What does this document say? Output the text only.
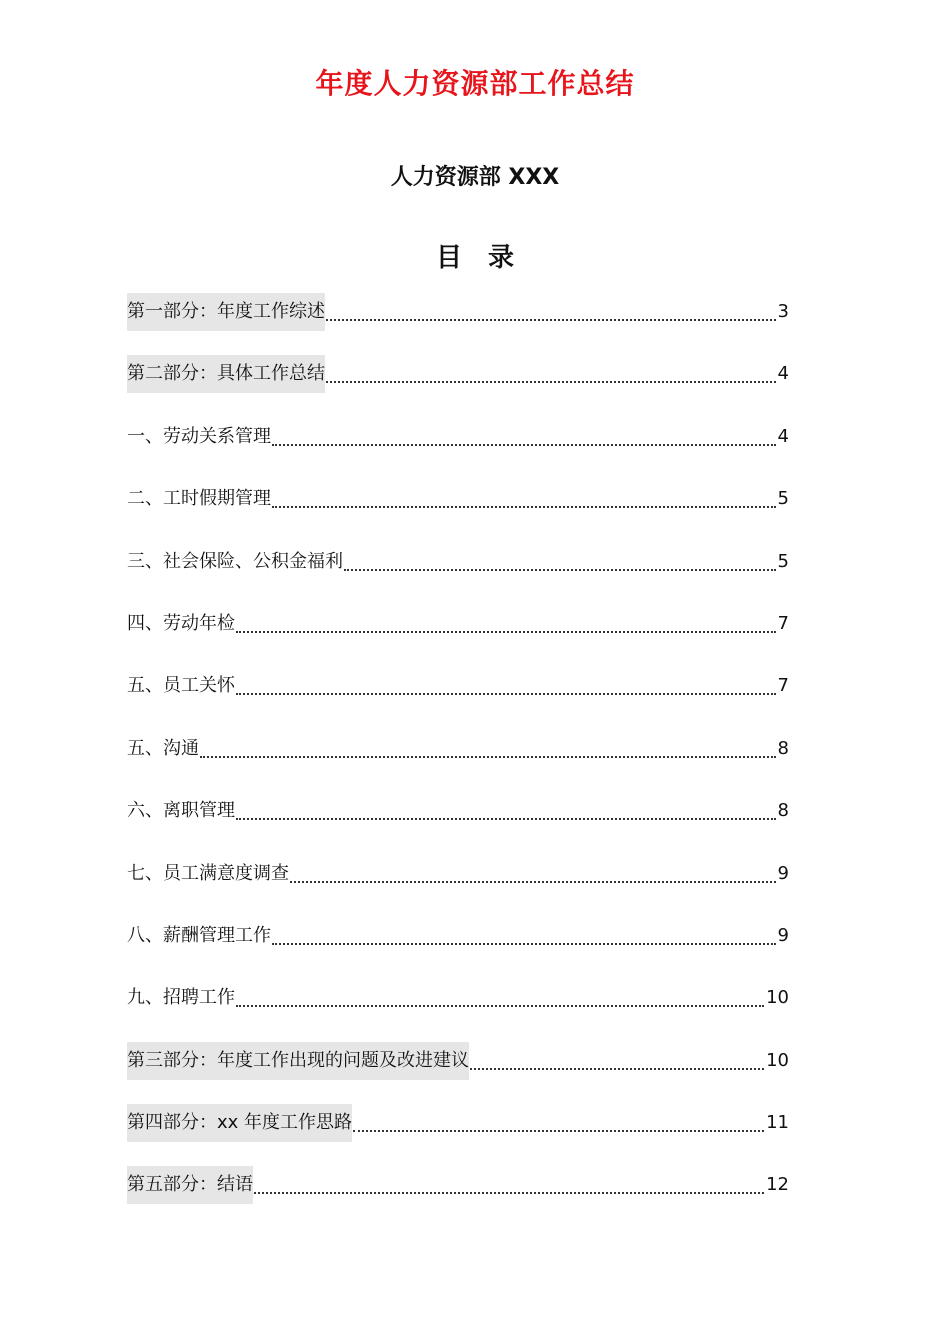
年度人力资源部工作总结
人力资源部 XXX
目 录
第一部分：年度工作综述	3
第二部分：具体工作总结	4
一、劳动关系管理	4
二、工时假期管理	5
三、社会保险、公积金福利	5
四、劳动年检	7
五、员工关怀	7
五、沟通	8
六、离职管理	8
七、员工满意度调查	9
八、薪酬管理工作	9
九、招聘工作	10
第三部分：年度工作出现的问题及改进建议	10
第四部分：xx 年度工作思路	11
第五部分：结语	12
